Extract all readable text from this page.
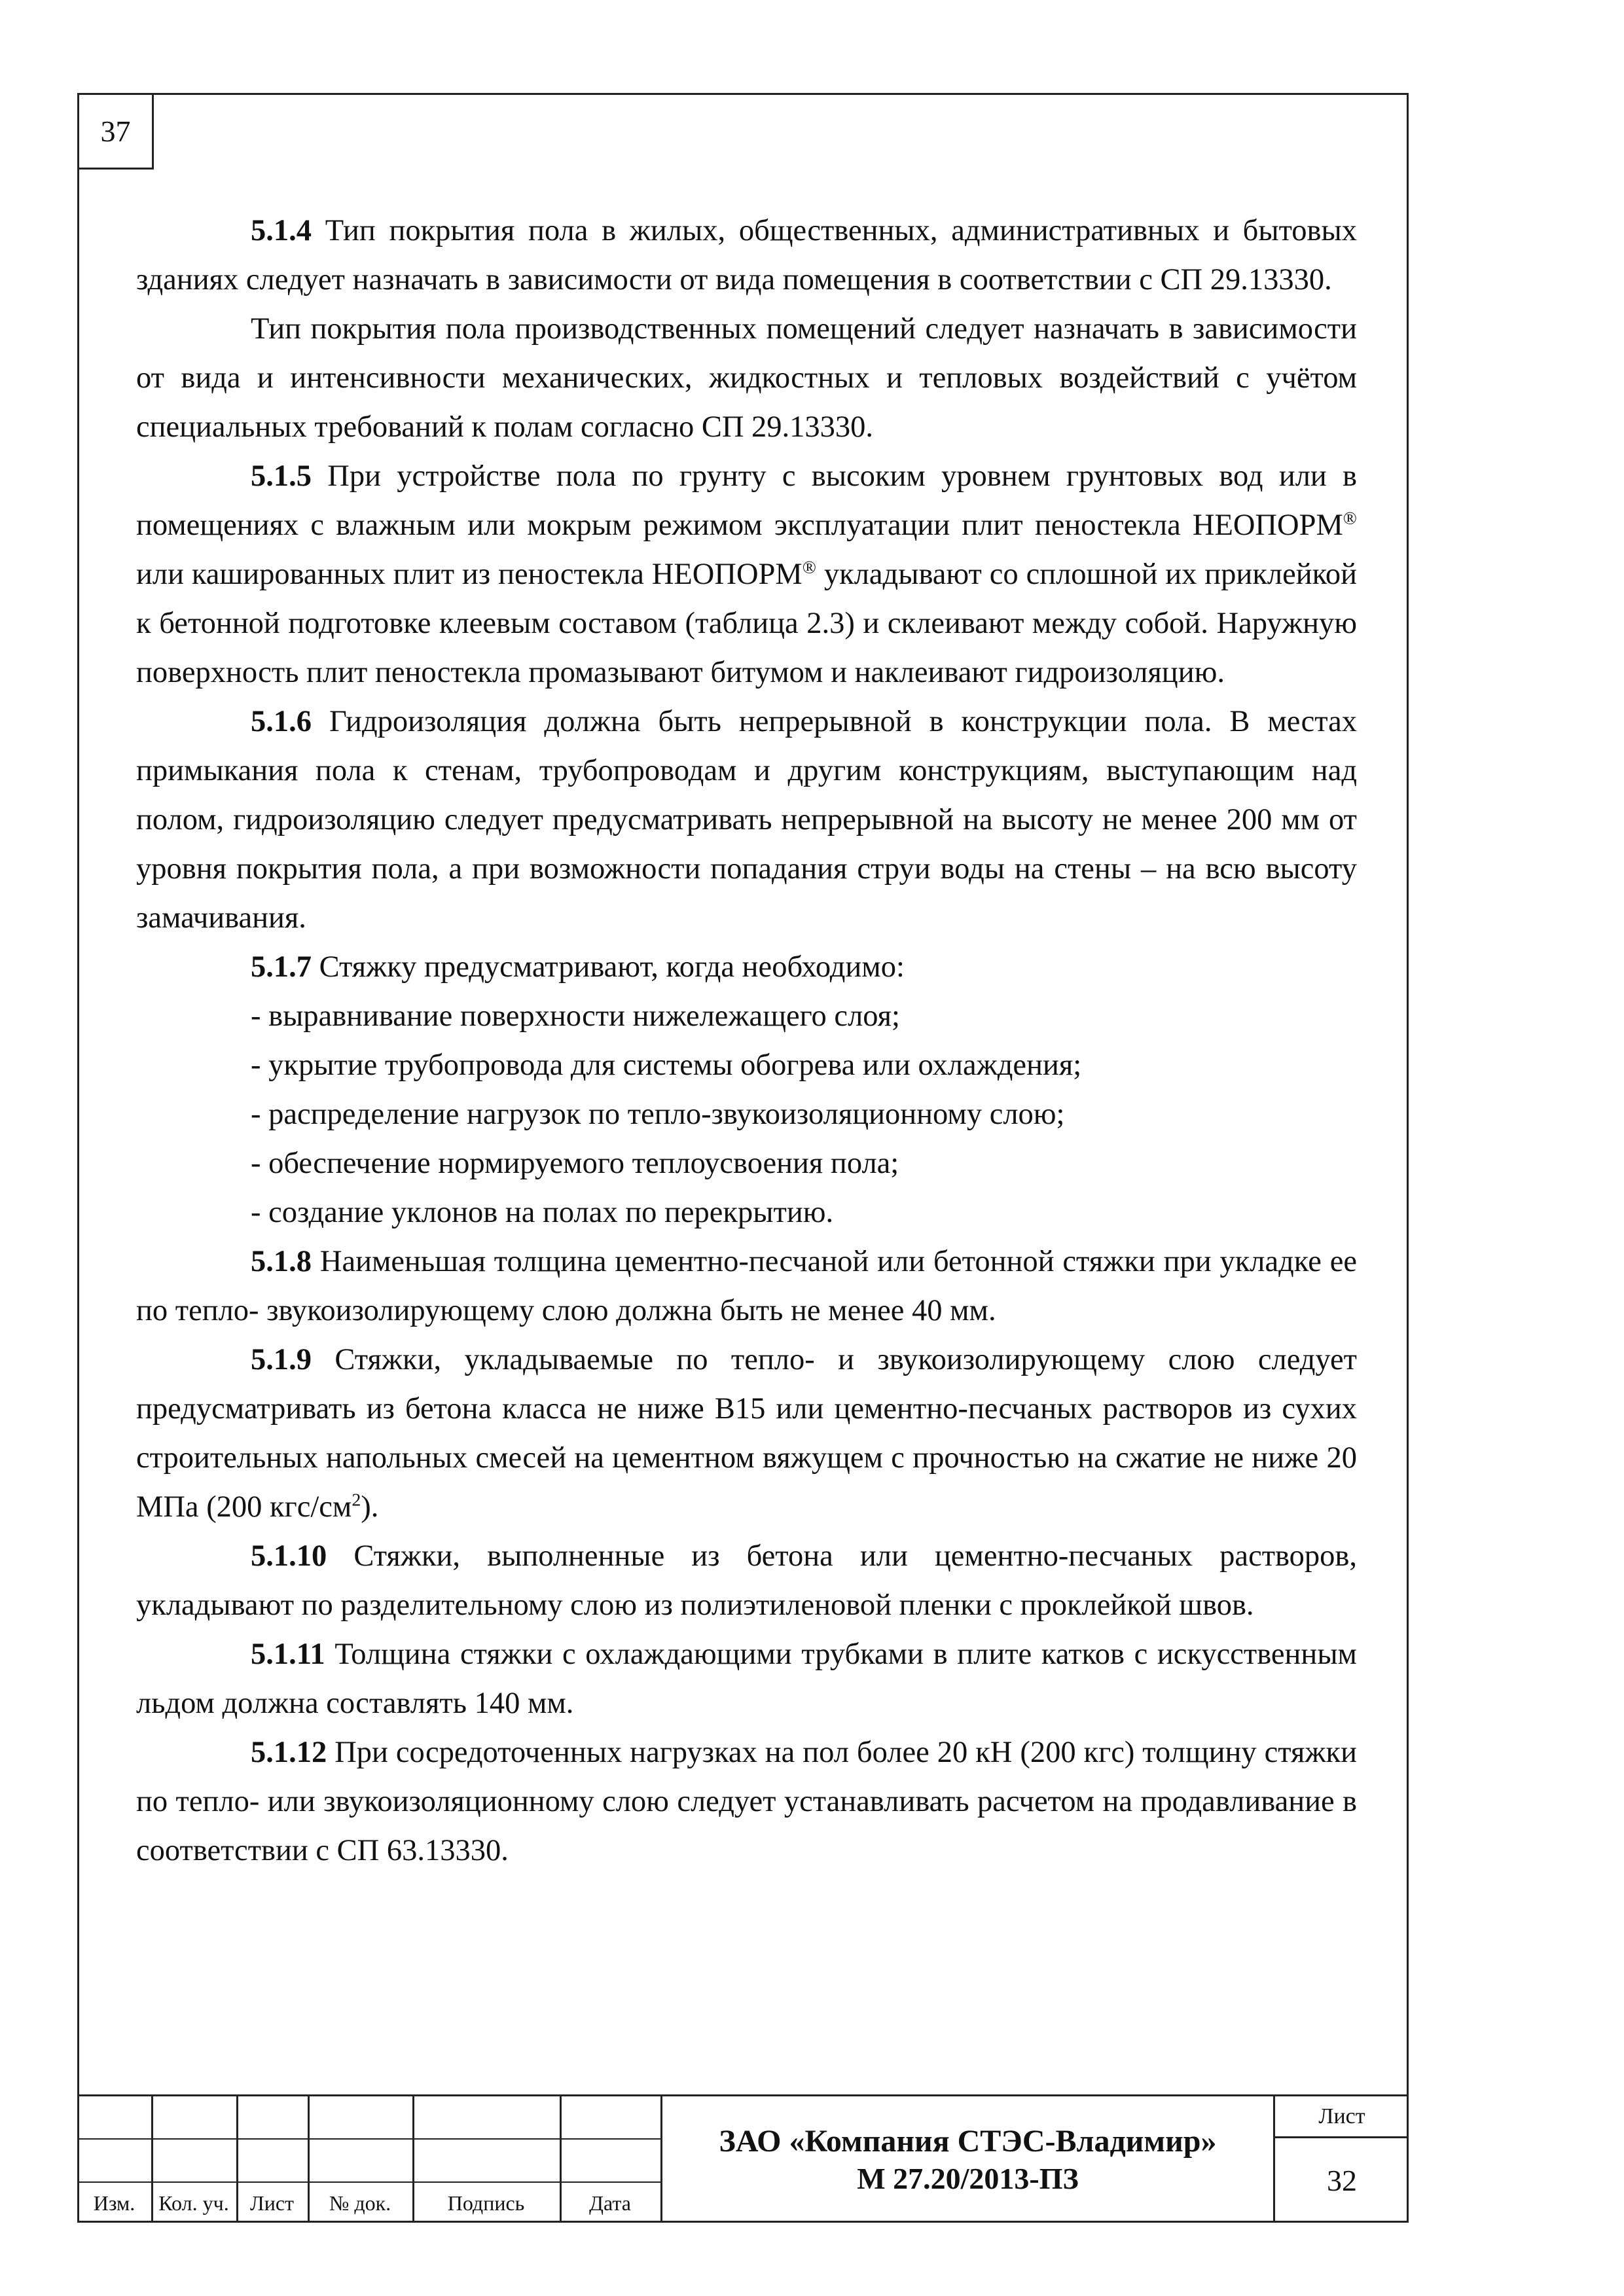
37

5.1.4 Тип покрытия пола в жилых, общественных, административных и бытовых зданиях следует назначать в зависимости от вида помещения в соответствии с СП 29.13330.

Тип покрытия пола производственных помещений следует назначать в зависимости от вида и интенсивности механических, жидкостных и тепловых воздействий с учётом специальных требований к полам согласно СП 29.13330.

5.1.5 При устройстве пола по грунту с высоким уровнем грунтовых вод или в помещениях с влажным или мокрым режимом эксплуатации плит пеностекла НЕОПОРМ® или кашированных плит из пеностекла НЕОПОРМ® укладывают со сплошной их приклейкой к бетонной подготовке клеевым составом (таблица 2.3) и склеивают между собой. Наружную поверхность плит пеностекла промазывают битумом и наклеивают гидроизоляцию.

5.1.6 Гидроизоляция должна быть непрерывной в конструкции пола. В местах примыкания пола к стенам, трубопроводам и другим конструкциям, выступающим над полом, гидроизоляцию следует предусматривать непрерывной на высоту не менее 200 мм от уровня покрытия пола, а при возможности попадания струи воды на стены – на всю высоту замачивания.

5.1.7 Стяжку предусматривают, когда необходимо:

- выравнивание поверхности нижележащего слоя;

- укрытие трубопровода для системы обогрева или охлаждения;

- распределение нагрузок по тепло-звукоизоляционному слою;

- обеспечение нормируемого теплоусвоения пола;

- создание уклонов на полах по перекрытию.

5.1.8 Наименьшая толщина цементно-песчаной или бетонной стяжки при укладке ее по тепло- звукоизолирующему слою должна быть не менее 40 мм.

5.1.9 Стяжки, укладываемые по тепло- и звукоизолирующему слою следует предусматривать из бетона класса не ниже В15 или цементно-песчаных растворов из сухих строительных напольных смесей на цементном вяжущем с прочностью на сжатие не ниже 20 МПа (200 кгс/$см^2$).

5.1.10 Стяжки, выполненные из бетона или цементно-песчаных растворов, укладывают по разделительному слою из полиэтиленовой пленки с проклейкой швов.

5.1.11 Толщина стяжки с охлаждающими трубками в плите катков с искусственным льдом должна составлять 140 мм.

5.1.12 При сосредоточенных нагрузках на пол более 20 кН (200 кгс) толщину стяжки по тепло- или звукоизоляционному слою следует устанавливать расчетом на продавливание в соответствии с СП 63.13330.

Изм.	Кол. уч.	Лист	№ док.	Подпись	Дата
ЗАО «Компания СТЭС-Владимир»
М 27.20/2013-ПЗ
Лист
32
